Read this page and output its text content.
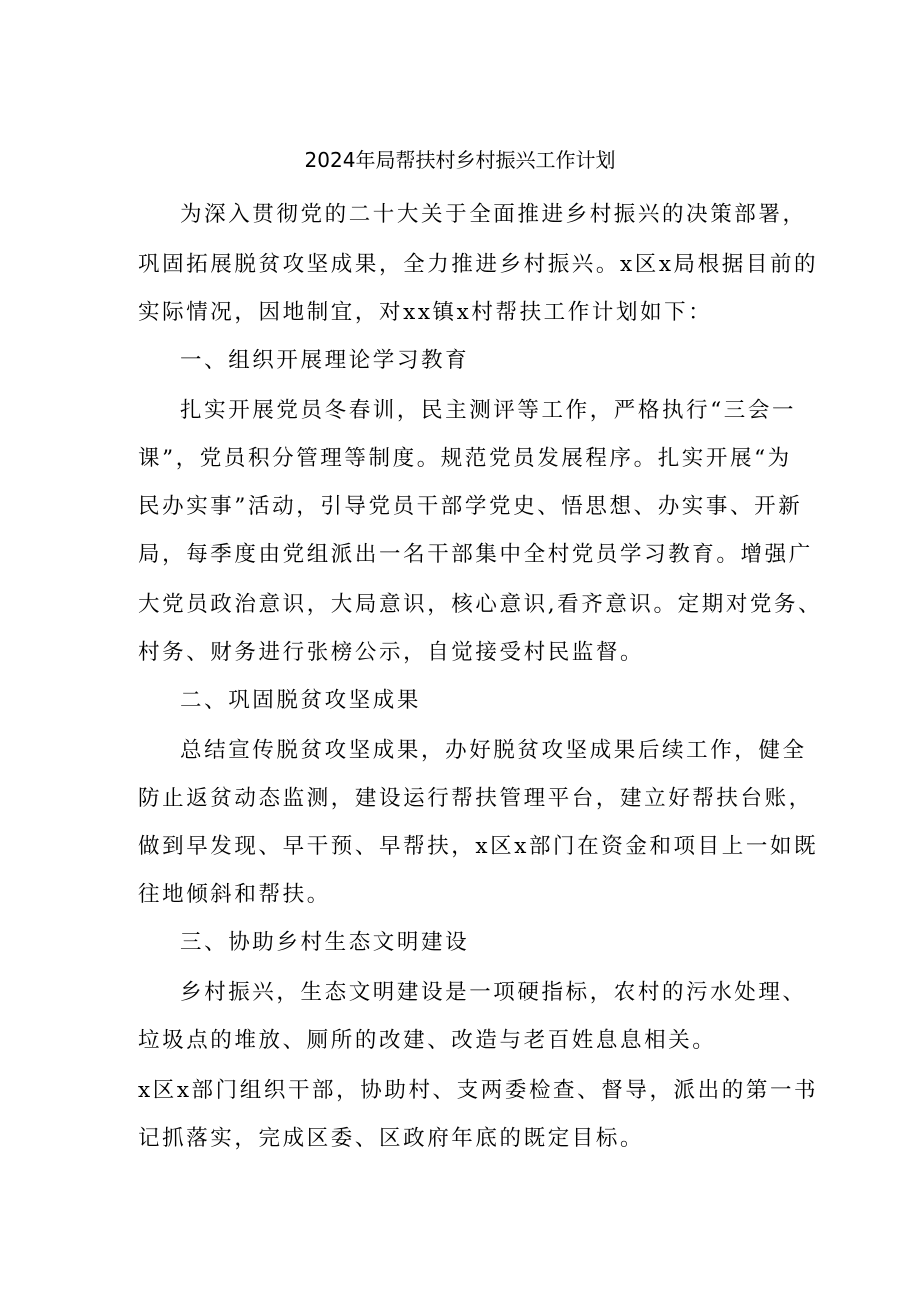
2024年局帮扶村乡村振兴工作计划
为深入贯彻党的二十大关于全面推进乡村振兴的决策部署，
巩固拓展脱贫攻坚成果，全力推进乡村振兴。x区x局根据目前的
实际情况，因地制宜，对xx镇x村帮扶工作计划如下：
一、组织开展理论学习教育
扎实开展党员冬春训，民主测评等工作，严格执行“三会一
课”，党员积分管理等制度。规范党员发展程序。扎实开展“为
民办实事”活动，引导党员干部学党史、悟思想、办实事、开新
局，每季度由党组派出一名干部集中全村党员学习教育。增强广
大党员政治意识，大局意识，核心意识,看齐意识。定期对党务、
村务、财务进行张榜公示，自觉接受村民监督。
二、巩固脱贫攻坚成果
总结宣传脱贫攻坚成果，办好脱贫攻坚成果后续工作，健全
防止返贫动态监测，建设运行帮扶管理平台，建立好帮扶台账，
做到早发现、早干预、早帮扶，x区x部门在资金和项目上一如既
往地倾斜和帮扶。
三、协助乡村生态文明建设
乡村振兴，生态文明建设是一项硬指标，农村的污水处理、
垃圾点的堆放、厕所的改建、改造与老百姓息息相关。
x区x部门组织干部，协助村、支两委检查、督导，派出的第一书
记抓落实，完成区委、区政府年底的既定目标。
